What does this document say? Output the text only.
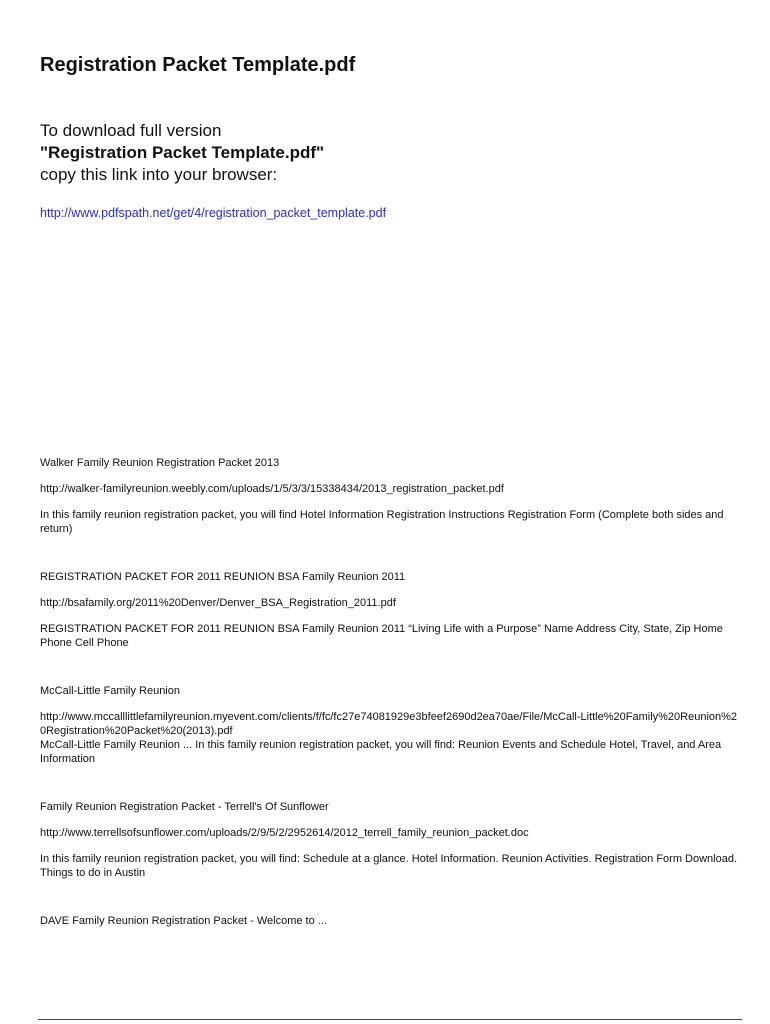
Registration Packet Template.pdf
To download full version
"Registration Packet Template.pdf"
copy this link into your browser:
http://www.pdfspath.net/get/4/registration_packet_template.pdf
Walker Family Reunion Registration Packet 2013
http://walker-familyreunion.weebly.com/uploads/1/5/3/3/15338434/2013_registration_packet.pdf
In this family reunion registration packet, you will find Hotel Information Registration Instructions Registration Form (Complete both sides and return)
REGISTRATION PACKET FOR 2011 REUNION BSA Family Reunion 2011
http://bsafamily.org/2011%20Denver/Denver_BSA_Registration_2011.pdf
REGISTRATION PACKET FOR 2011 REUNION BSA Family Reunion 2011 “Living Life with a Purpose” Name Address City, State, Zip Home Phone Cell Phone
McCall-Little Family Reunion
http://www.mccalllittlefamilyreunion.myevent.com/clients/f/fc/fc27e74081929e3bfeef2690d2ea70ae/File/McCall-Little%20Family%20Reunion%20Registration%20Packet%20(2013).pdf
McCall-Little Family Reunion ... In this family reunion registration packet, you will find: Reunion Events and Schedule Hotel, Travel, and Area Information
Family Reunion Registration Packet - Terrell's Of Sunflower
http://www.terrellsofsunflower.com/uploads/2/9/5/2/2952614/2012_terrell_family_reunion_packet.doc
In this family reunion registration packet, you will find: Schedule at a glance. Hotel Information. Reunion Activities. Registration Form Download. Things to do in Austin
DAVE Family Reunion Registration Packet - Welcome to ...
